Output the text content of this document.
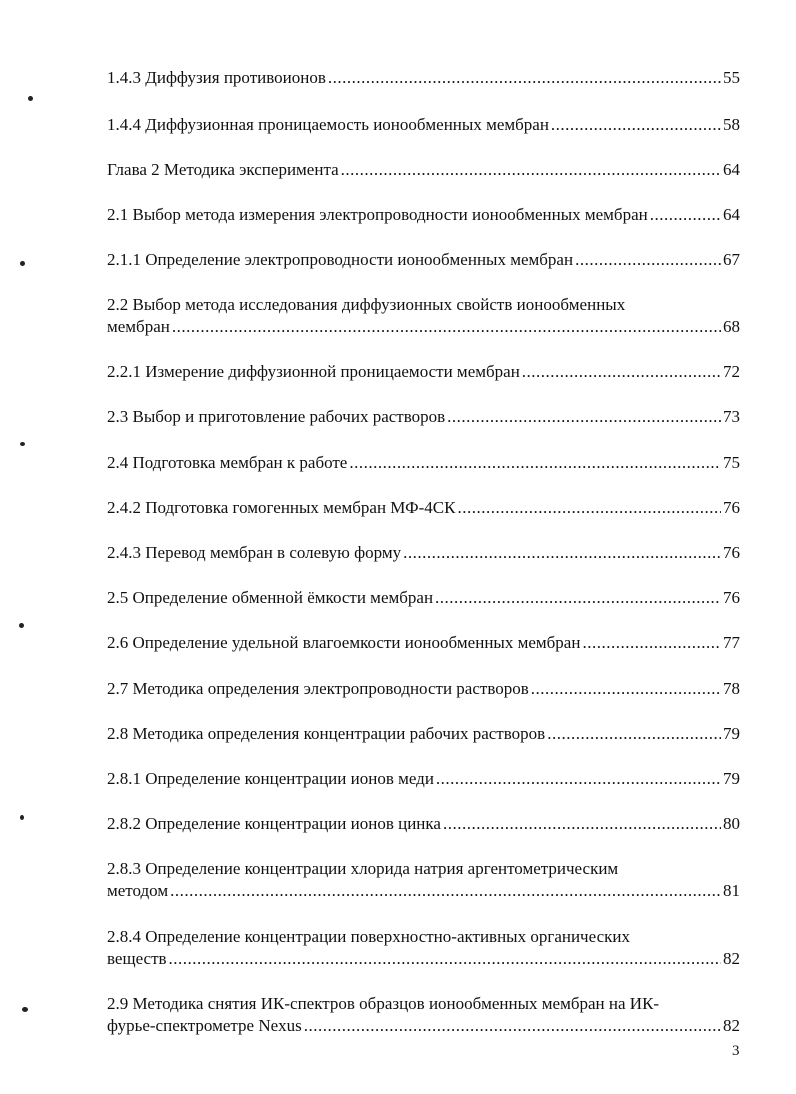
1.4.3 Диффузия противоионов .....	55
1.4.4 Диффузионная проницаемость ионообменных мембран .....	58
Глава 2 Методика эксперимента .....	64
2.1 Выбор метода измерения электропроводности ионообменных мембран .....	64
2.1.1 Определение электропроводности ионообменных мембран .....	67
2.2 Выбор метода исследования диффузионных свойств ионообменных
мембран .....	68
2.2.1 Измерение диффузионной проницаемости мембран .....	72
2.3 Выбор и приготовление рабочих растворов .....	73
2.4 Подготовка мембран к работе .....	75
2.4.2 Подготовка гомогенных мембран МФ-4СК .....	76
2.4.3 Перевод мембран в солевую форму .....	76
2.5 Определение обменной ёмкости мембран .....	76
2.6 Определение удельной влагоемкости ионообменных мембран .....	77
2.7 Методика определения электропроводности растворов .....	78
2.8 Методика определения концентрации рабочих растворов .....	79
2.8.1 Определение концентрации ионов меди .....	79
2.8.2 Определение концентрации ионов цинка .....	80
2.8.3 Определение концентрации хлорида натрия аргентометрическим
методом .....	81
2.8.4 Определение концентрации поверхностно-активных органических
веществ .....	82
2.9 Методика снятия ИК-спектров образцов ионообменных мембран на ИК-
фурье-спектрометре Nexus .....	82
3
